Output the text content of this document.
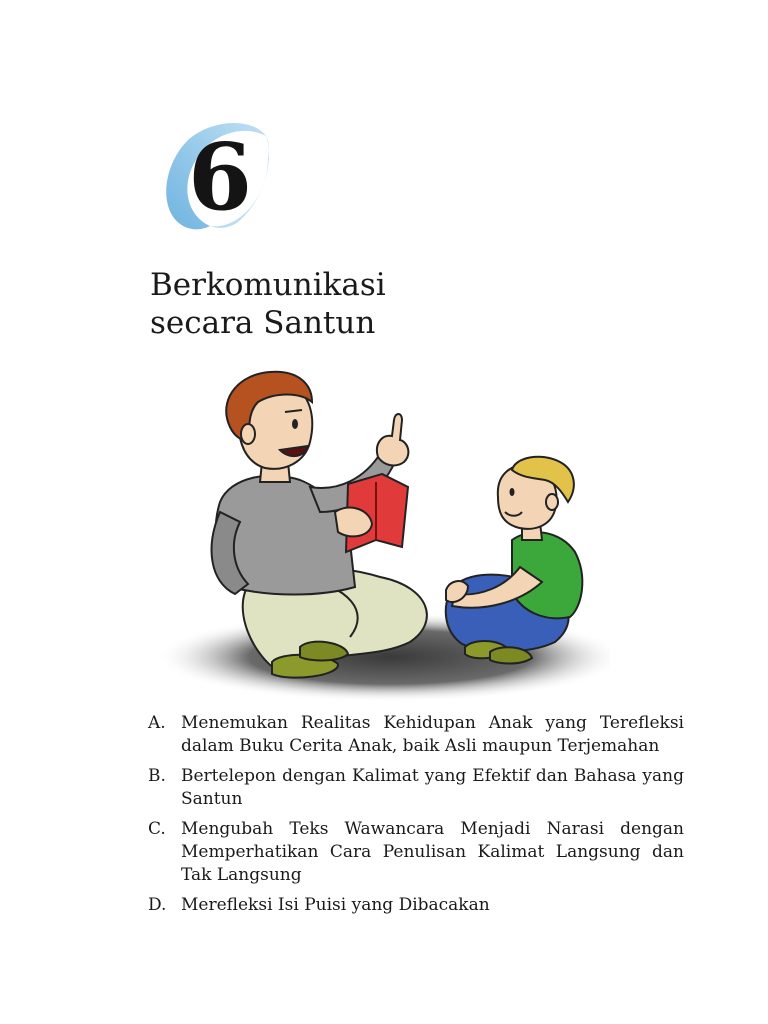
6
Berkomunikasi
secara Santun
A. Menemukan Realitas Kehidupan Anak yang Terefleksi dalam Buku Cerita Anak, baik Asli maupun Terjemahan
B. Bertelepon dengan Kalimat yang Efektif dan Bahasa yang Santun
C. Mengubah Teks Wawancara Menjadi Narasi dengan Memperhatikan Cara Penulisan Kalimat Langsung dan Tak Langsung
D. Merefleksi Isi Puisi yang Dibacakan
